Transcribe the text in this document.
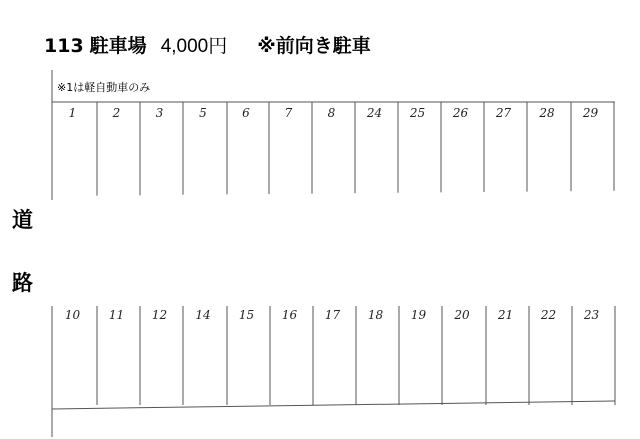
113 駐車場 4,000円 ※前向き駐車
※1は軽自動車のみ
道
路
1	2	3	5	6	7	8	24 25 26 27 28 29
10 11 12 14 15 16 17 18 19 20 21 22 23
